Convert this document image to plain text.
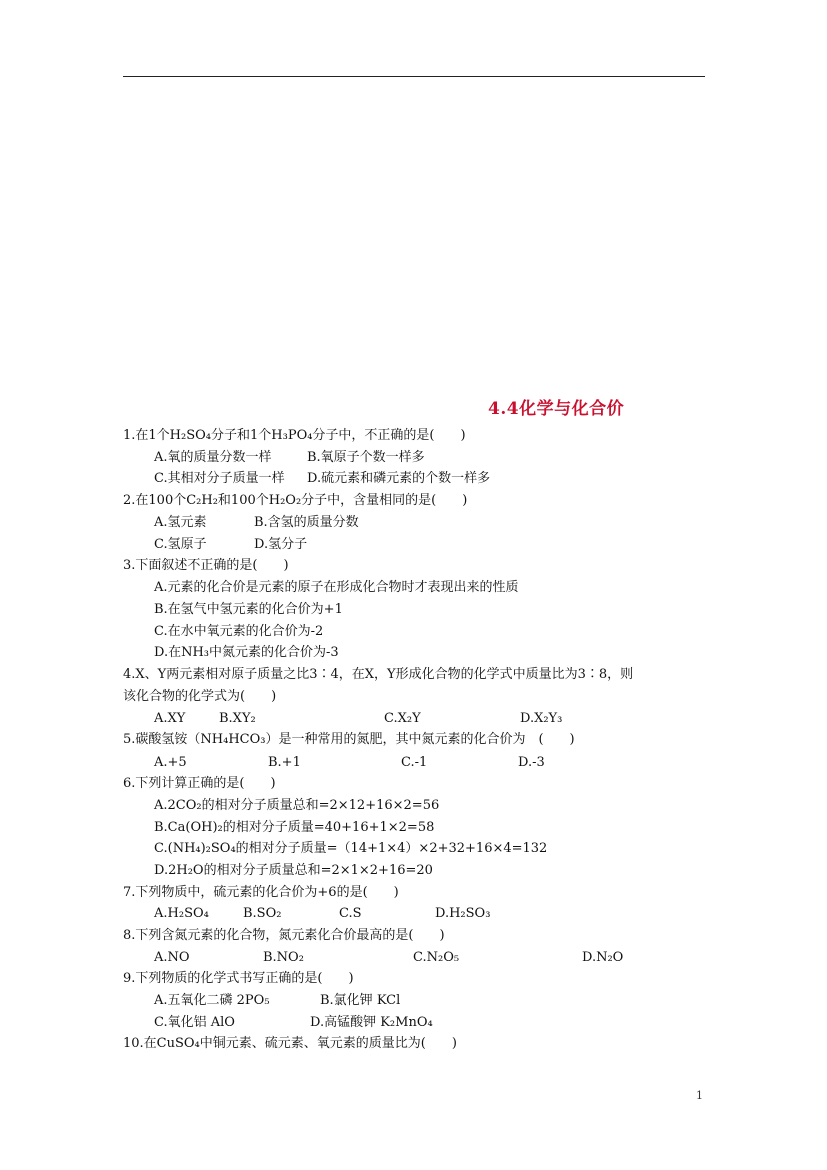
4.4化学与化合价
1.在1个H₂SO₄分子和1个H₃PO₄分子中，不正确的是(　　)
A.氧的质量分数一样	B.氧原子个数一样多
C.其相对分子质量一样 D.硫元素和磷元素的个数一样多
2.在100个C₂H₂和100个H₂O₂分子中，含量相同的是(　　)
A.氢元素	B.含氢的质量分数
C.氢原子	D.氢分子
3.下面叙述不正确的是(　　)
A.元素的化合价是元素的原子在形成化合物时才表现出来的性质
B.在氢气中氢元素的化合价为+1
C.在水中氧元素的化合价为-2
D.在NH₃中氮元素的化合价为-3
4.X、Y两元素相对原子质量之比3∶4，在X，Y形成化合物的化学式中质量比为3∶8，则
该化合物的化学式为(　　)
A.XY	B.XY₂	C.X₂Y	D.X₂Y₃
5.碳酸氢铵（NH₄HCO₃）是一种常用的氮肥，其中氮元素的化合价为　(　　)
A.+5	B.+1	C.-1	D.-3
6.下列计算正确的是(　　)
A.2CO₂的相对分子质量总和=2×12+16×2=56
B.Ca(OH)₂的相对分子质量=40+16+1×2=58
C.(NH₄)₂SO₄的相对分子质量=（14+1×4）×2+32+16×4=132
D.2H₂O的相对分子质量总和=2×1×2+16=20
7.下列物质中，硫元素的化合价为+6的是(　　)
A.H₂SO₄	B.SO₂	C.S	D.H₂SO₃
8.下列含氮元素的化合物，氮元素化合价最高的是(　　)
A.NO	B.NO₂	C.N₂O₅	D.N₂O
9.下列物质的化学式书写正确的是(　　)
A.五氧化二磷 2PO₅	B.氯化钾 KCl
C.氧化铝 AlO	D.高锰酸钾 K₂MnO₄
10.在CuSO₄中铜元素、硫元素、氧元素的质量比为(　　)
1
